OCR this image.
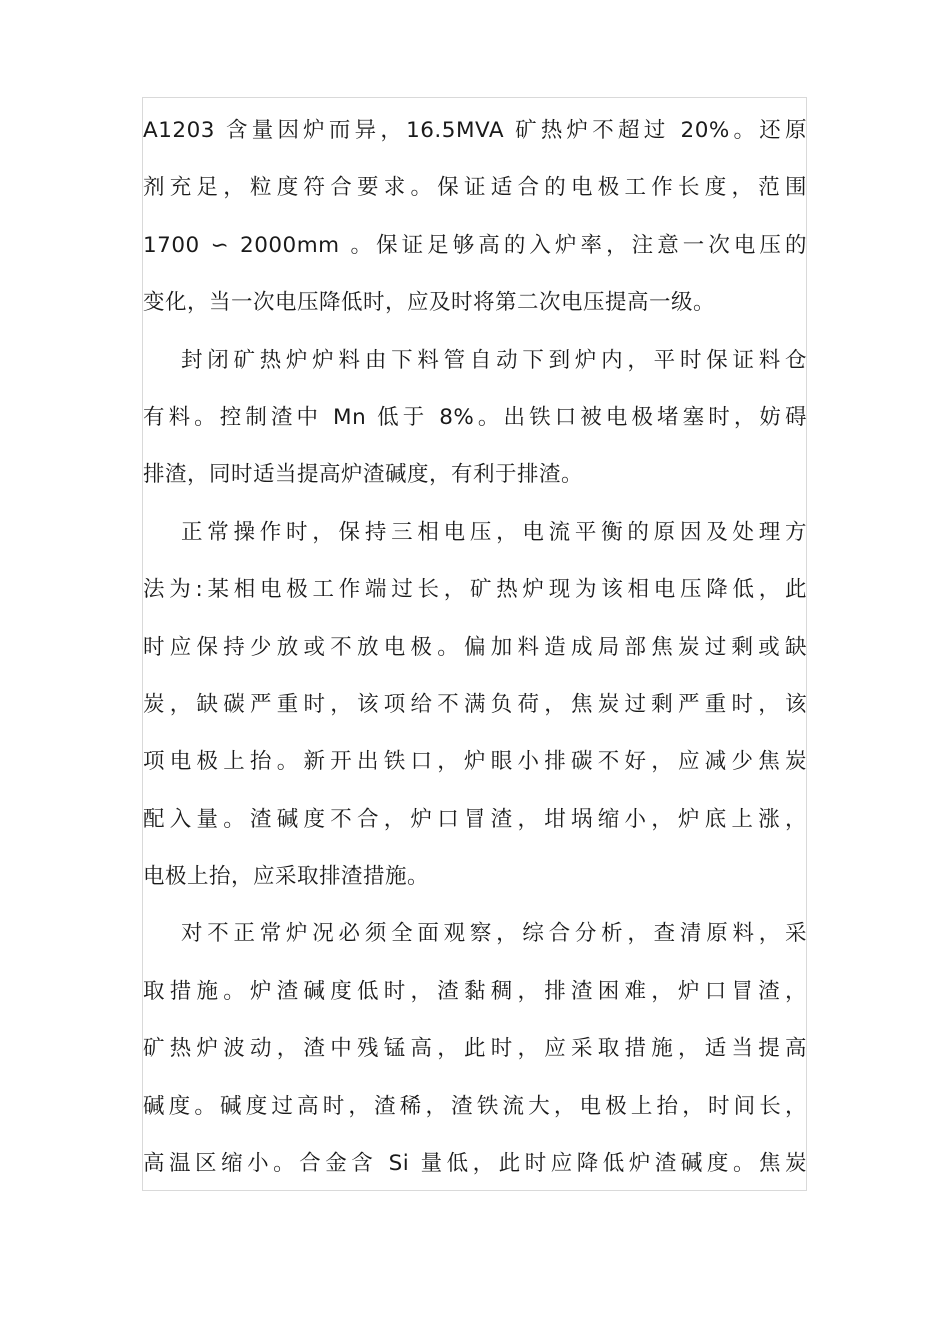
A1203 含量因炉而异，16.5MVA 矿热炉不超过 20%。还原
剂充足，粒度符合要求。保证适合的电极工作长度，范围
1700 ∽ 2000mm 。保证足够高的入炉率，注意一次电压的
变化，当一次电压降低时，应及时将第二次电压提高一级。
封闭矿热炉炉料由下料管自动下到炉内，平时保证料仓
有料。控制渣中 Mn 低于 8%。出铁口被电极堵塞时，妨碍
排渣，同时适当提高炉渣碱度，有利于排渣。
正常操作时，保持三相电压，电流平衡的原因及处理方
法为:某相电极工作端过长，矿热炉现为该相电压降低，此
时应保持少放或不放电极。偏加料造成局部焦炭过剩或缺
炭，缺碳严重时，该项给不满负荷，焦炭过剩严重时，该
项电极上抬。新开出铁口，炉眼小排碳不好，应减少焦炭
配入量。渣碱度不合，炉口冒渣，坩埚缩小，炉底上涨，
电极上抬，应采取排渣措施。
对不正常炉况必须全面观察，综合分析，查清原料，采
取措施。炉渣碱度低时，渣黏稠，排渣困难，炉口冒渣，
矿热炉波动，渣中残锰高，此时，应采取措施，适当提高
碱度。碱度过高时，渣稀，渣铁流大，电极上抬，时间长，
高温区缩小。合金含 Si 量低，此时应降低炉渣碱度。焦炭
